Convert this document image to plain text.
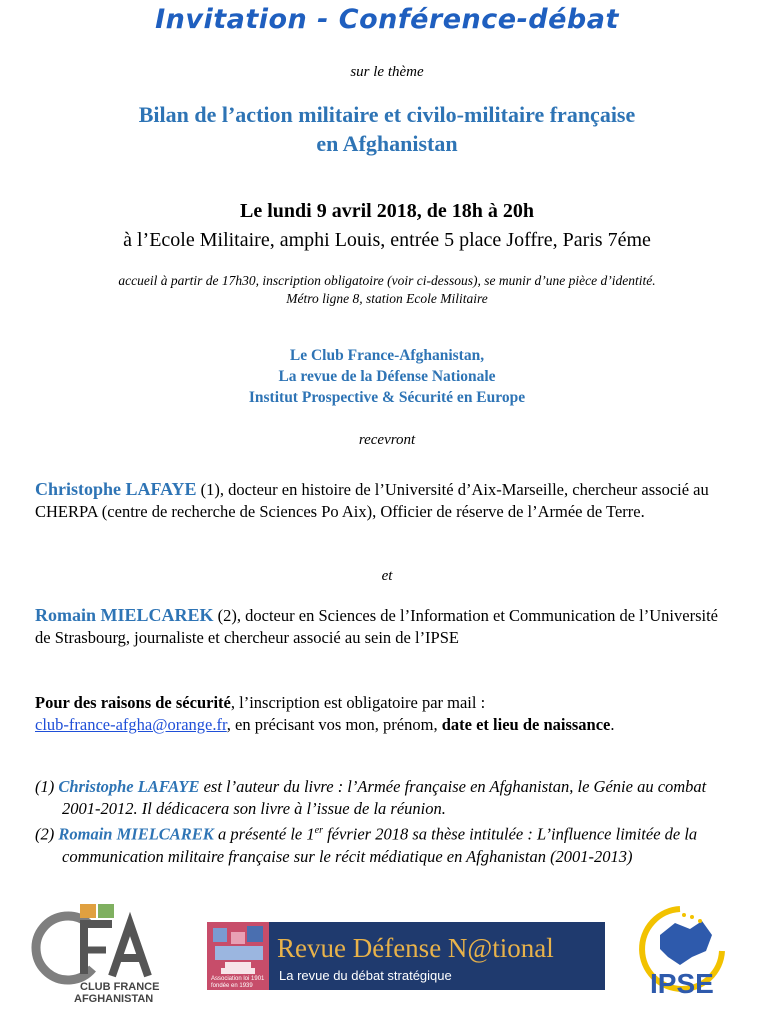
Invitation - Conférence-débat
sur le thème
Bilan de l’action militaire et civilo-militaire française
en Afghanistan
Le lundi 9 avril 2018, de 18h à 20h
à l’Ecole Militaire, amphi Louis, entrée 5 place Joffre, Paris 7éme
accueil à partir de 17h30, inscription obligatoire (voir ci-dessous), se munir d’une pièce d’identité.
Métro ligne 8, station Ecole Militaire
Le Club France-Afghanistan,
La revue de la Défense Nationale
Institut Prospective & Sécurité en Europe
recevront
Christophe LAFAYE (1), docteur en histoire de l’Université d’Aix-Marseille, chercheur associé au CHERPA (centre de recherche de Sciences Po Aix), Officier de réserve de l’Armée de Terre.
et
Romain MIELCAREK (2), docteur en Sciences de l’Information et Communication de l’Université de Strasbourg, journaliste et chercheur associé au sein de l’IPSE
Pour des raisons de sécurité, l’inscription est obligatoire par mail :
club-france-afgha@orange.fr, en précisant vos mon, prénom, date et lieu de naissance.
(1) Christophe LAFAYE est l’auteur du livre : l’Armée française en Afghanistan, le Génie au combat 2001-2012. Il dédicacera son livre à l’issue de la réunion.
(2) Romain MIELCAREK a présenté le 1er février 2018 sa thèse intitulée : L’influence limitée de la communication militaire française sur le récit médiatique en Afghanistan (2001-2013)
cFA
CLUB FRANCE
AFGHANISTAN
Association loi 1901
fondée en 1939
Revue Défense N@tional
La revue du débat stratégique	IPSE
